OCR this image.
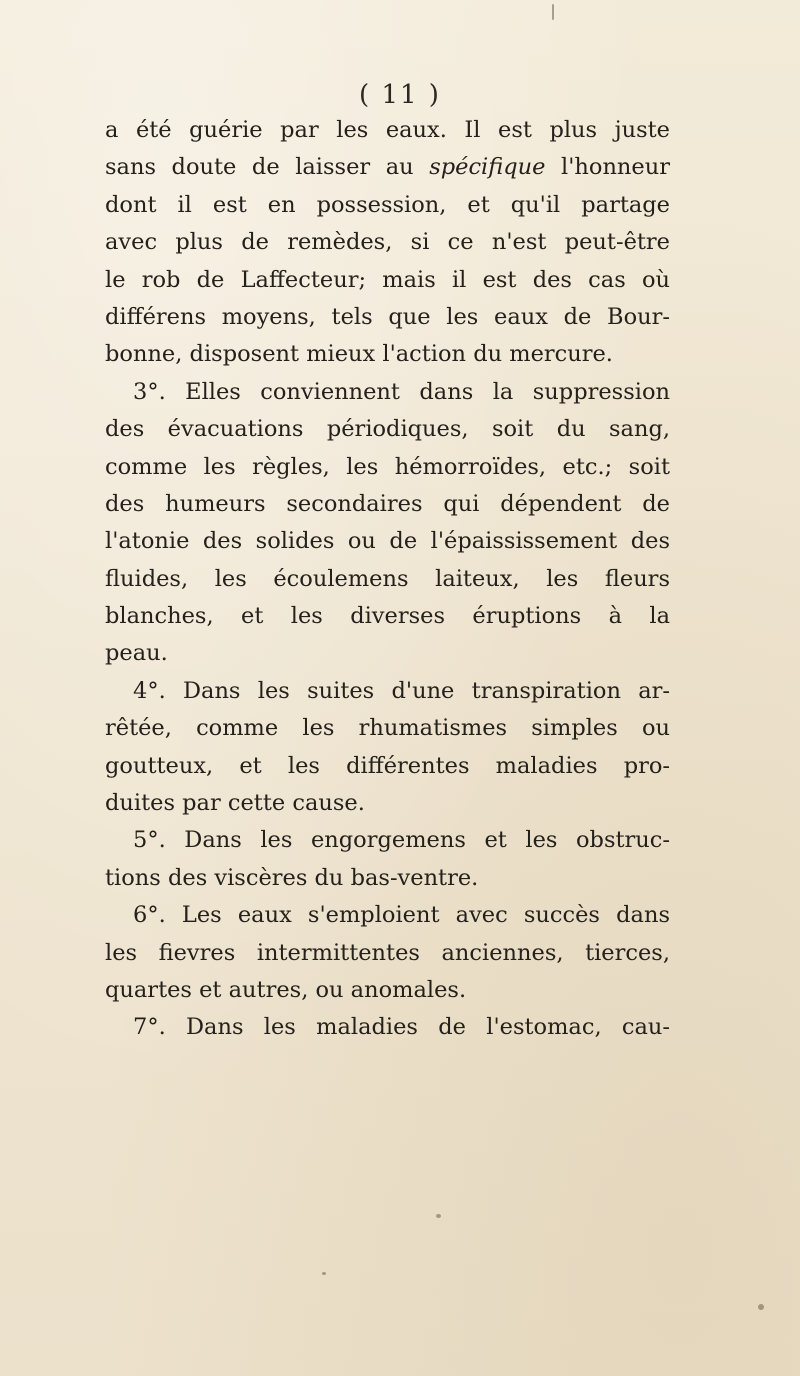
( 11 )
a été guérie par les eaux. Il est plus juste
sans doute de laisser au spécifique l'honneur
dont il est en possession, et qu'il partage
avec plus de remèdes, si ce n'est peut-être
le rob de Laffecteur; mais il est des cas où
différens moyens, tels que les eaux de Bour-
bonne, disposent mieux l'action du mercure.
3°. Elles conviennent dans la suppression
des évacuations périodiques, soit du sang,
comme les règles, les hémorroïdes, etc.; soit
des humeurs secondaires qui dépendent de
l'atonie des solides ou de l'épaississement des
fluides, les écoulemens laiteux, les fleurs
blanches, et les diverses éruptions à la
peau.
4°. Dans les suites d'une transpiration ar-
rêtée, comme les rhumatismes simples ou
goutteux, et les différentes maladies pro-
duites par cette cause.
5°. Dans les engorgemens et les obstruc-
tions des viscères du bas-ventre.
6°. Les eaux s'emploient avec succès dans
les fievres intermittentes anciennes, tierces,
quartes et autres, ou anomales.
7°. Dans les maladies de l'estomac, cau-
